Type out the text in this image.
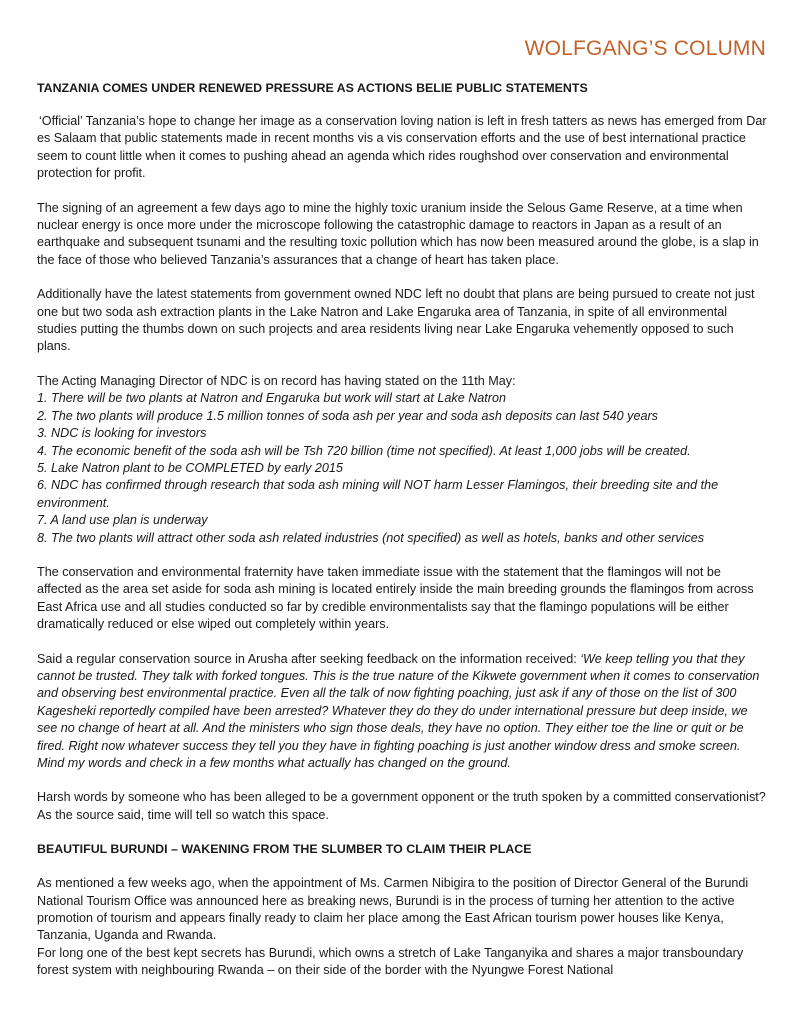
WOLFGANG’S COLUMN
TANZANIA COMES UNDER RENEWED PRESSURE AS ACTIONS BELIE PUBLIC STATEMENTS

‘Official’ Tanzania’s hope to change her image as a conservation loving nation is left in fresh tatters as news has emerged from Dar es Salaam that public statements made in recent months vis a vis conservation efforts and the use of best international practice seem to count little when it comes to pushing ahead an agenda which rides roughshod over conservation and environmental protection for profit.

The signing of an agreement a few days ago to mine the highly toxic uranium inside the Selous Game Reserve, at a time when nuclear energy is once more under the microscope following the catastrophic damage to reactors in Japan as a result of an earthquake and subsequent tsunami and the resulting toxic pollution which has now been measured around the globe, is a slap in the face of those who believed Tanzania’s assurances that a change of heart has taken place.

Additionally have the latest statements from government owned NDC left no doubt that plans are being pursued to create not just one but two soda ash extraction plants in the Lake Natron and Lake Engaruka area of Tanzania, in spite of all environmental studies putting the thumbs down on such projects and area residents living near Lake Engaruka vehemently opposed to such plans.

The Acting Managing Director of NDC is on record has having stated on the 11th May:

1. There will be two plants at Natron and Engaruka but work will start at Lake Natron
2. The two plants will produce 1.5 million tonnes of soda ash per year and soda ash deposits can last 540 years
3. NDC is looking for investors
4. The economic benefit of the soda ash will be Tsh 720 billion (time not specified). At least 1,000 jobs will be created.
5. Lake Natron plant to be COMPLETED by early 2015
6. NDC has confirmed through research that soda ash mining will NOT harm Lesser Flamingos, their breeding site and the environment.
7. A land use plan is underway
8. The two plants will attract other soda ash related industries (not specified) as well as hotels, banks and other services

The conservation and environmental fraternity have taken immediate issue with the statement that the flamingos will not be affected as the area set aside for soda ash mining is located entirely inside the main breeding grounds the flamingos from across East Africa use and all studies conducted so far by credible environmentalists say that the flamingo populations will be either dramatically reduced or else wiped out completely within years.

Said a regular conservation source in Arusha after seeking feedback on the information received: ‘We keep telling you that they cannot be trusted. They talk with forked tongues. This is the true nature of the Kikwete government when it comes to conservation and observing best environmental practice. Even all the talk of now fighting poaching, just ask if any of those on the list of 300 Kagesheki reportedly compiled have been arrested? Whatever they do they do under international pressure but deep inside, we see no change of heart at all. And the ministers who sign those deals, they have no option. They either toe the line or quit or be fired. Right now whatever success they tell you they have in fighting poaching is just another window dress and smoke screen. Mind my words and check in a few months what actually has changed on the ground.

Harsh words by someone who has been alleged to be a government opponent or the truth spoken by a committed conservationist? As the source said, time will tell so watch this space.

BEAUTIFUL BURUNDI – WAKENING FROM THE SLUMBER TO CLAIM THEIR PLACE

As mentioned a few weeks ago, when the appointment of Ms. Carmen Nibigira to the position of Director General of the Burundi National Tourism Office was announced here as breaking news, Burundi is in the process of turning her attention to the active promotion of tourism and appears finally ready to claim her place among the East African tourism power houses like Kenya, Tanzania, Uganda and Rwanda.

For long one of the best kept secrets has Burundi, which owns a stretch of Lake Tanganyika and shares a major transboundary forest system with neighbouring Rwanda – on their side of the border with the Nyungwe Forest National
